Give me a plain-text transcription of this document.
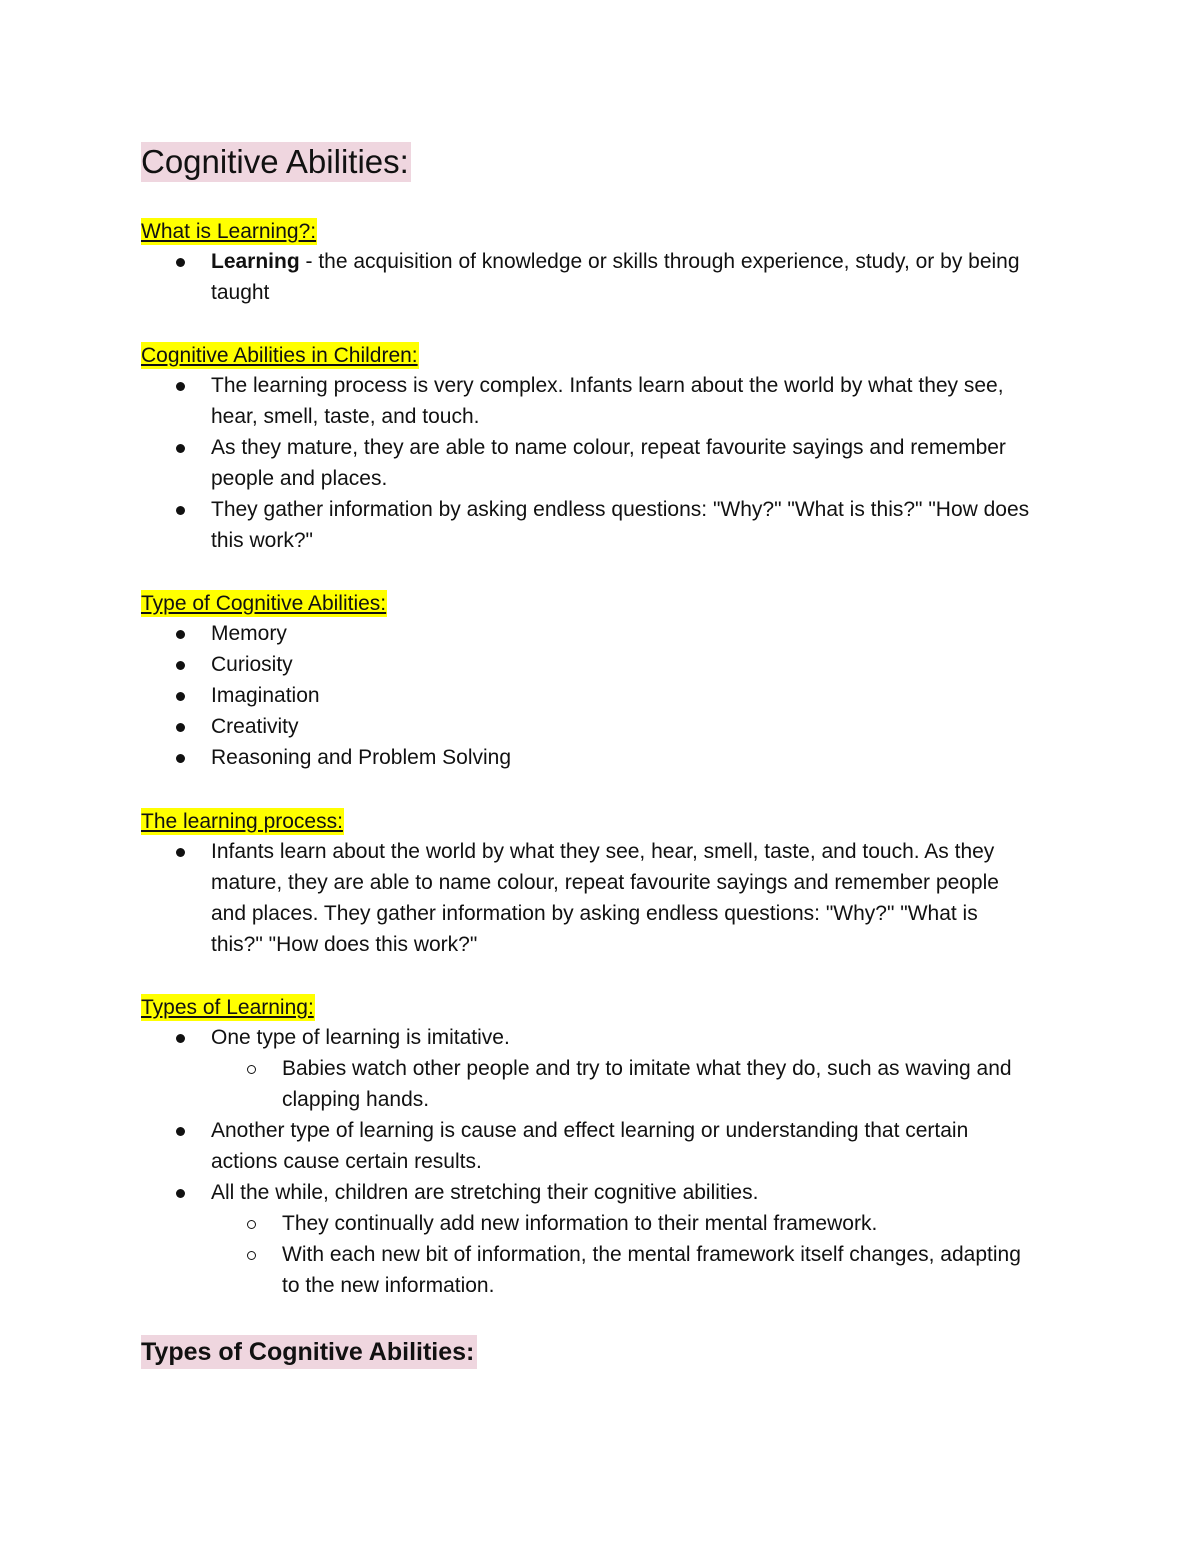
Cognitive Abilities:
What is Learning?:
Learning - the acquisition of knowledge or skills through experience, study, or by being taught
Cognitive Abilities in Children:
The learning process is very complex. Infants learn about the world by what they see, hear, smell, taste, and touch.
As they mature, they are able to name colour, repeat favourite sayings and remember people and places.
They gather information by asking endless questions: "Why?" "What is this?" "How does this work?"
Type of Cognitive Abilities:
Memory
Curiosity
Imagination
Creativity
Reasoning and Problem Solving
The learning process:
Infants learn about the world by what they see, hear, smell, taste, and touch. As they mature, they are able to name colour, repeat favourite sayings and remember people and places. They gather information by asking endless questions: "Why?" "What is this?" "How does this work?"
Types of Learning:
One type of learning is imitative.
Babies watch other people and try to imitate what they do, such as waving and clapping hands.
Another type of learning is cause and effect learning or understanding that certain actions cause certain results.
All the while, children are stretching their cognitive abilities.
They continually add new information to their mental framework.
With each new bit of information, the mental framework itself changes, adapting to the new information.
Types of Cognitive Abilities:
